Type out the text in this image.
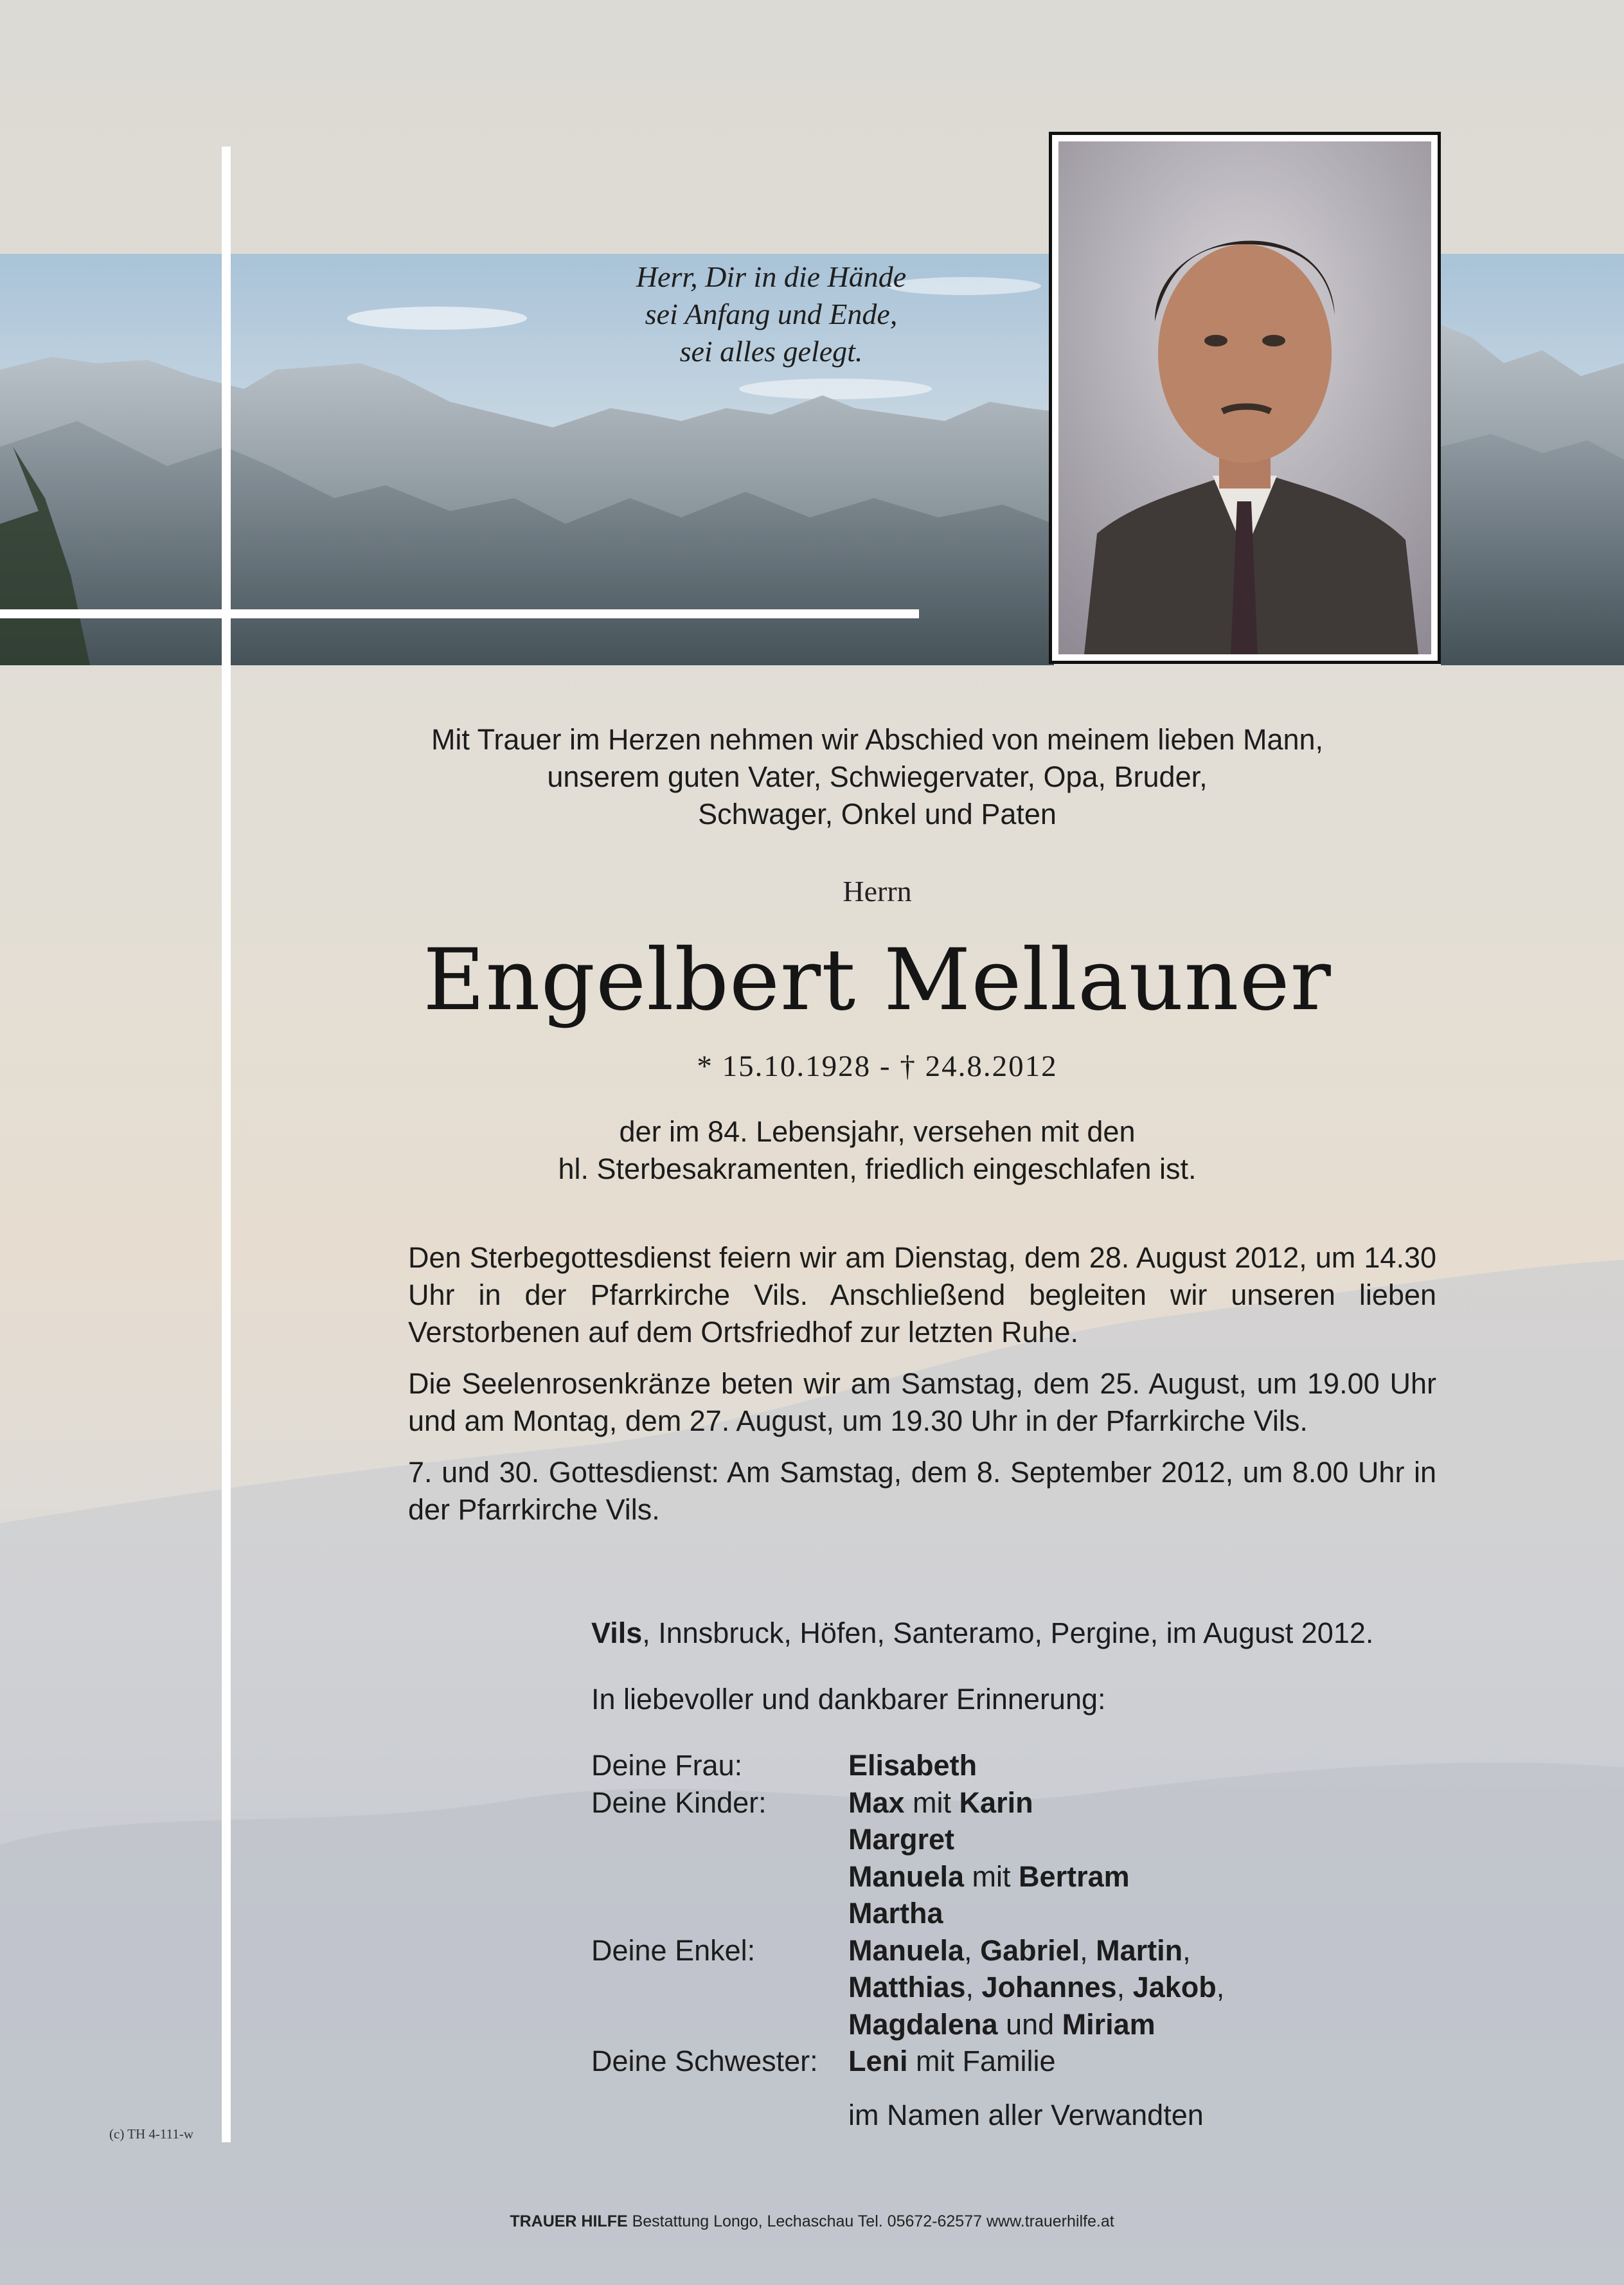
Herr, Dir in die Hände
sei Anfang und Ende,
sei alles gelegt.
Mit Trauer im Herzen nehmen wir Abschied von meinem lieben Mann,
unserem guten Vater, Schwiegervater, Opa, Bruder,
Schwager, Onkel und Paten
Herrn
Engelbert Mellauner
* 15.10.1928 - † 24.8.2012
der im 84. Lebensjahr, versehen mit den
hl. Sterbesakramenten, friedlich eingeschlafen ist.

Den Sterbegottesdienst feiern wir am Dienstag, dem 28. August 2012, um 14.30 Uhr in der Pfarrkirche Vils. Anschließend begleiten wir unseren lieben Verstorbenen auf dem Ortsfriedhof zur letzten Ruhe.

Die Seelenrosenkränze beten wir am Samstag, dem 25. August, um 19.00 Uhr und am Montag, dem 27. August, um 19.30 Uhr in der Pfarrkirche Vils.

7. und 30. Gottesdienst: Am Samstag, dem 8. September 2012, um 8.00 Uhr in der Pfarrkirche Vils.

Vils, Innsbruck, Höfen, Santeramo, Pergine, im August 2012.
In liebevoller und dankbarer Erinnerung:
Deine Frau:	Elisabeth
Deine Kinder:	Max mit Karin
Margret
Manuela mit Bertram
Martha
Deine Enkel:	Manuela, Gabriel, Martin,
Matthias, Johannes, Jakob,
Magdalena und Miriam
Deine Schwester:	Leni mit Familie
im Namen aller Verwandten
(c) TH 4-111-w
TRAUER HILFE Bestattung Longo, Lechaschau Tel. 05672-62577 www.trauerhilfe.at
